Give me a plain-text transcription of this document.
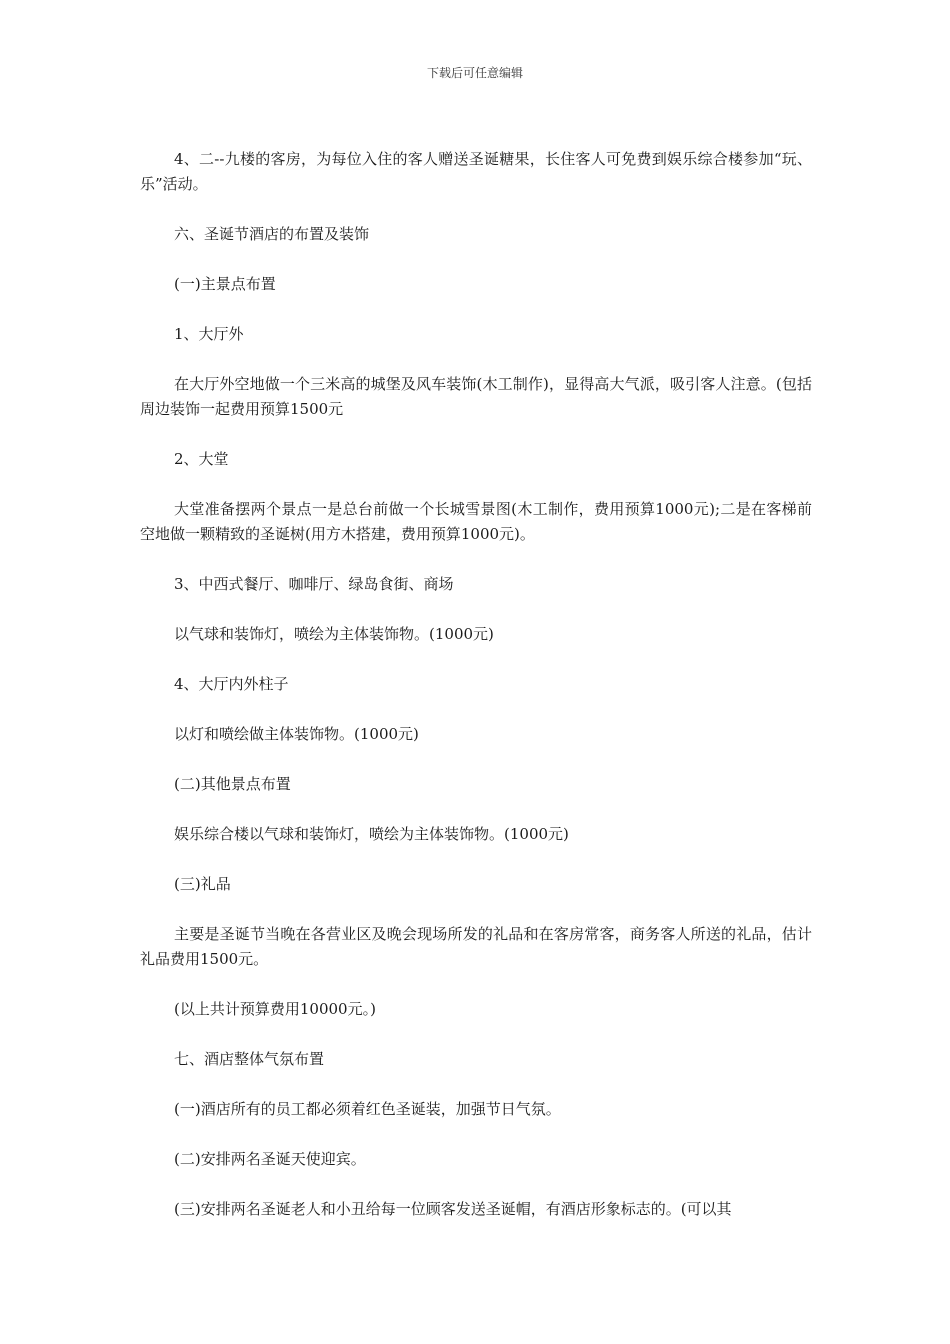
下载后可任意编辑

4、二--九楼的客房，为每位入住的客人赠送圣诞糖果，长住客人可免费到娱乐综合楼参加“玩、乐”活动。

六、圣诞节酒店的布置及装饰

(一)主景点布置

1、大厅外

在大厅外空地做一个三米高的城堡及风车装饰(木工制作)，显得高大气派，吸引客人注意。(包括周边装饰一起费用预算1500元

2、大堂

大堂准备摆两个景点一是总台前做一个长城雪景图(木工制作，费用预算1000元);二是在客梯前空地做一颗精致的圣诞树(用方木搭建，费用预算1000元)。

3、中西式餐厅、咖啡厅、绿岛食街、商场

以气球和装饰灯，喷绘为主体装饰物。(1000元)

4、大厅内外柱子

以灯和喷绘做主体装饰物。(1000元)

(二)其他景点布置

娱乐综合楼以气球和装饰灯，喷绘为主体装饰物。(1000元)

(三)礼品

主要是圣诞节当晚在各营业区及晚会现场所发的礼品和在客房常客，商务客人所送的礼品，估计礼品费用1500元。

(以上共计预算费用10000元。)

七、酒店整体气氛布置

(一)酒店所有的员工都必须着红色圣诞装，加强节日气氛。

(二)安排两名圣诞天使迎宾。

(三)安排两名圣诞老人和小丑给每一位顾客发送圣诞帽，有酒店形象标志的。(可以其
